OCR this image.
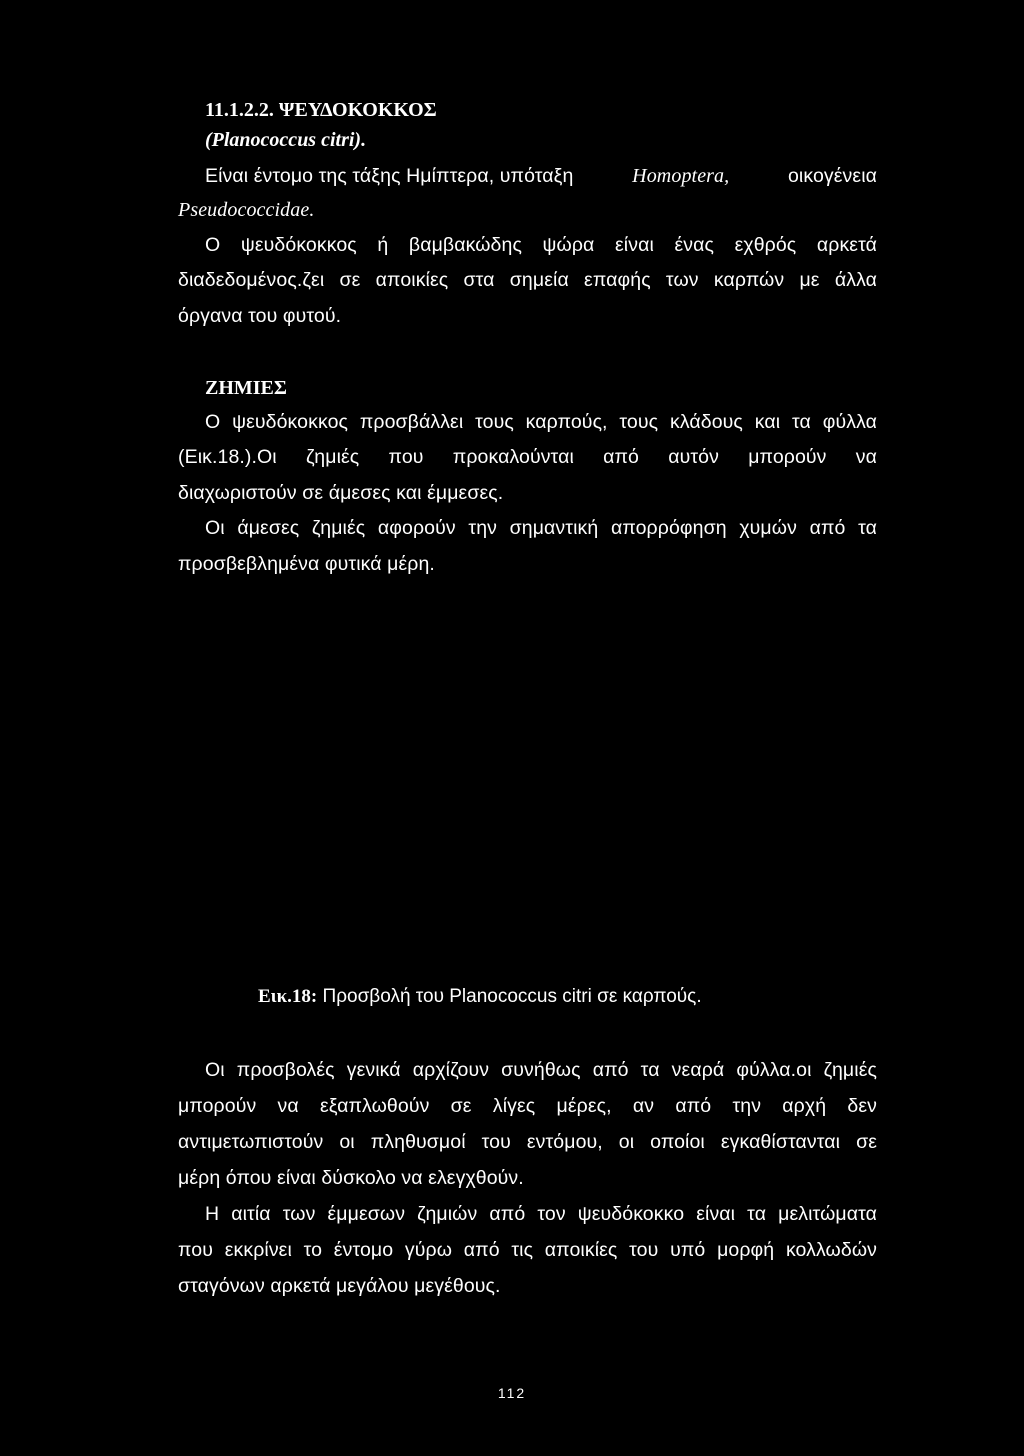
11.1.2.2. ΨΕΥΔΟΚΟΚΚΟΣ
(Planococcus citri).
Είναι έντομο της τάξης Ημίπτερα, υπόταξη	Homoptera,	οικογένεια
Pseudococcidae.
Ο ψευδόκοκκος ή βαμβακώδης ψώρα είναι ένας εχθρός αρκετά
διαδεδομένος.ζει σε αποικίες στα σημεία επαφής των καρπών με άλλα
όργανα του φυτού.
ΖΗΜΙΕΣ
Ο ψευδόκοκκος προσβάλλει τους καρπούς, τους κλάδους και τα φύλλα
(Εικ.18.).Οι ζημιές που προκαλούνται από αυτόν μπορούν να
διαχωριστούν σε άμεσες και έμμεσες.
Οι άμεσες ζημιές αφορούν την σημαντική απορρόφηση χυμών από τα
προσβεβλημένα φυτικά μέρη.
Εικ.18: Προσβολή του Planococcus citri σε καρπούς.
Οι προσβολές γενικά αρχίζουν συνήθως από τα νεαρά φύλλα.οι ζημιές
μπορούν να εξαπλωθούν σε λίγες μέρες, αν από την αρχή δεν
αντιμετωπιστούν οι πληθυσμοί του εντόμου, οι οποίοι εγκαθίστανται σε
μέρη όπου είναι δύσκολο να ελεγχθούν.
Η αιτία των έμμεσων ζημιών από τον ψευδόκοκκο είναι τα μελιτώματα
που εκκρίνει το έντομο γύρω από τις αποικίες του υπό μορφή κολλωδών
σταγόνων αρκετά μεγάλου μεγέθους.
112
